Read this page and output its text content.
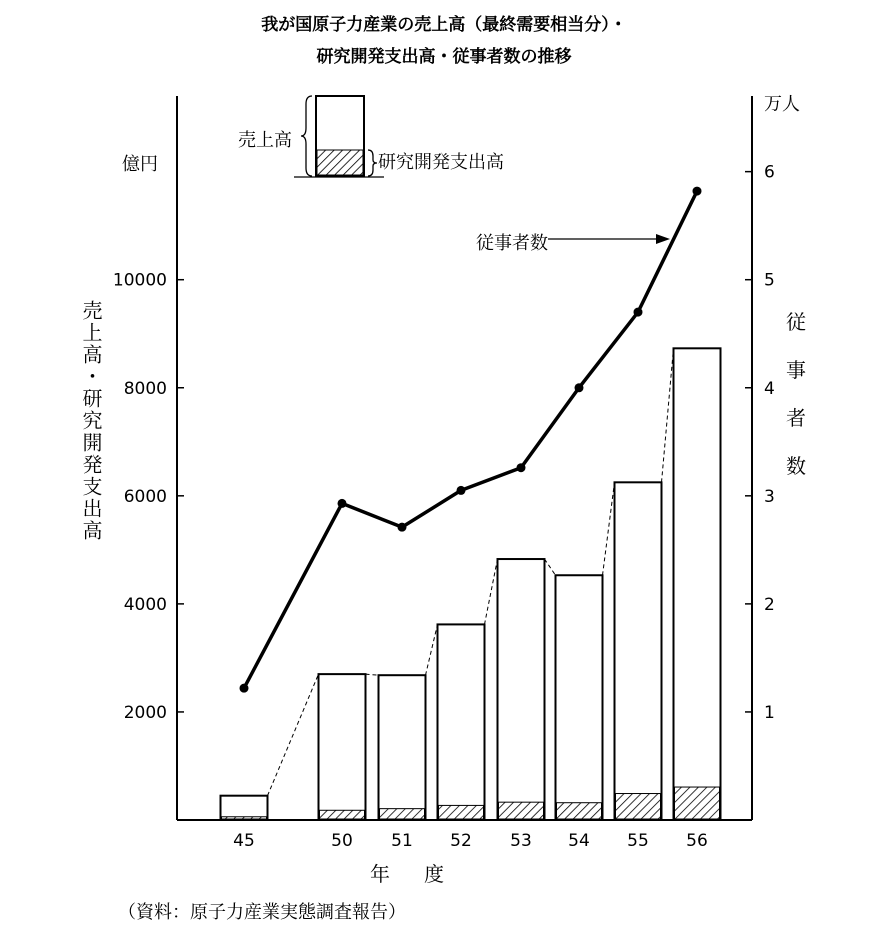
我が国原子力産業の売上高（最終需要相当分）・
研究開発支出高・従事者数の推移
2000
4000
6000
8000
10000
1
2
3
4
5
6
45	50 51 52 53 54 55 56
億円
万人
売上高・研究開発支出高	従
事
者
数
年度
（資料：原子力産業実態調査報告）
売上高
研究開発支出高
従事者数
